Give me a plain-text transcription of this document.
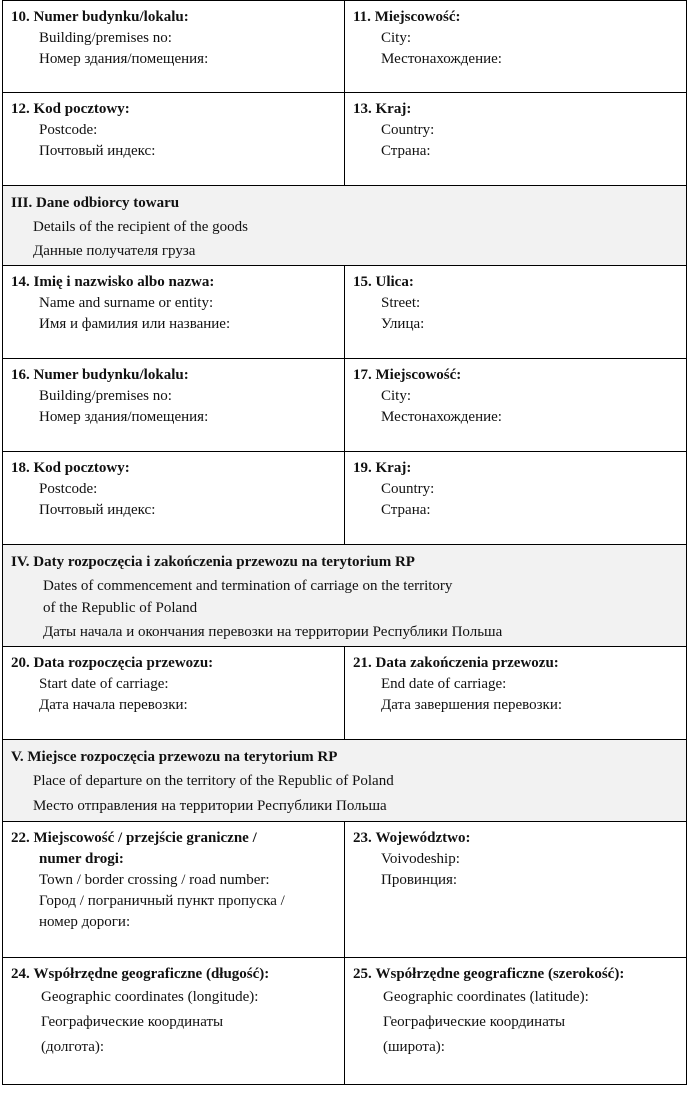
10. Numer budynku/lokalu:
Building/premises no:
Номер здания/помещения:
11. Miejscowość:
City:
Местонахождение:
12. Kod pocztowy:
Postcode:
Почтовый индекс:
13. Kraj:
Country:
Страна:
III. Dane odbiorcy towaru
Details of the recipient of the goods
Данные получателя груза
14. Imię i nazwisko albo nazwa:
Name and surname or entity:
Имя и фамилия или название:
15. Ulica:
Street:
Улица:
16. Numer budynku/lokalu:
Building/premises no:
Номер здания/помещения:
17. Miejscowość:
City:
Местонахождение:
18. Kod pocztowy:
Postcode:
Почтовый индекс:
19. Kraj:
Country:
Страна:
IV. Daty rozpoczęcia i zakończenia przewozu na terytorium RP
Dates of commencement and termination of carriage on the territory
of the Republic of Poland
Даты начала и окончания перевозки на территории Республики Польша
20. Data rozpoczęcia przewozu:
Start date of carriage:
Дата начала перевозки:
21. Data zakończenia przewozu:
End date of carriage:
Дата завершения перевозки:
V. Miejsce rozpoczęcia przewozu na terytorium RP
Place of departure on the territory of the Republic of Poland
Место отправления на территории Республики Польша
22. Miejscowość / przejście graniczne /
numer drogi:
Town / border crossing / road number:
Город / пограничный пункт пропуска /
номер дороги:
23. Województwo:
Voivodeship:
Провинция:
24. Współrzędne geograficzne (długość):
Geographic coordinates (longitude):
Географические координаты
(долгота):
25. Współrzędne geograficzne (szerokość):
Geographic coordinates (latitude):
Географические координаты
(широта):
